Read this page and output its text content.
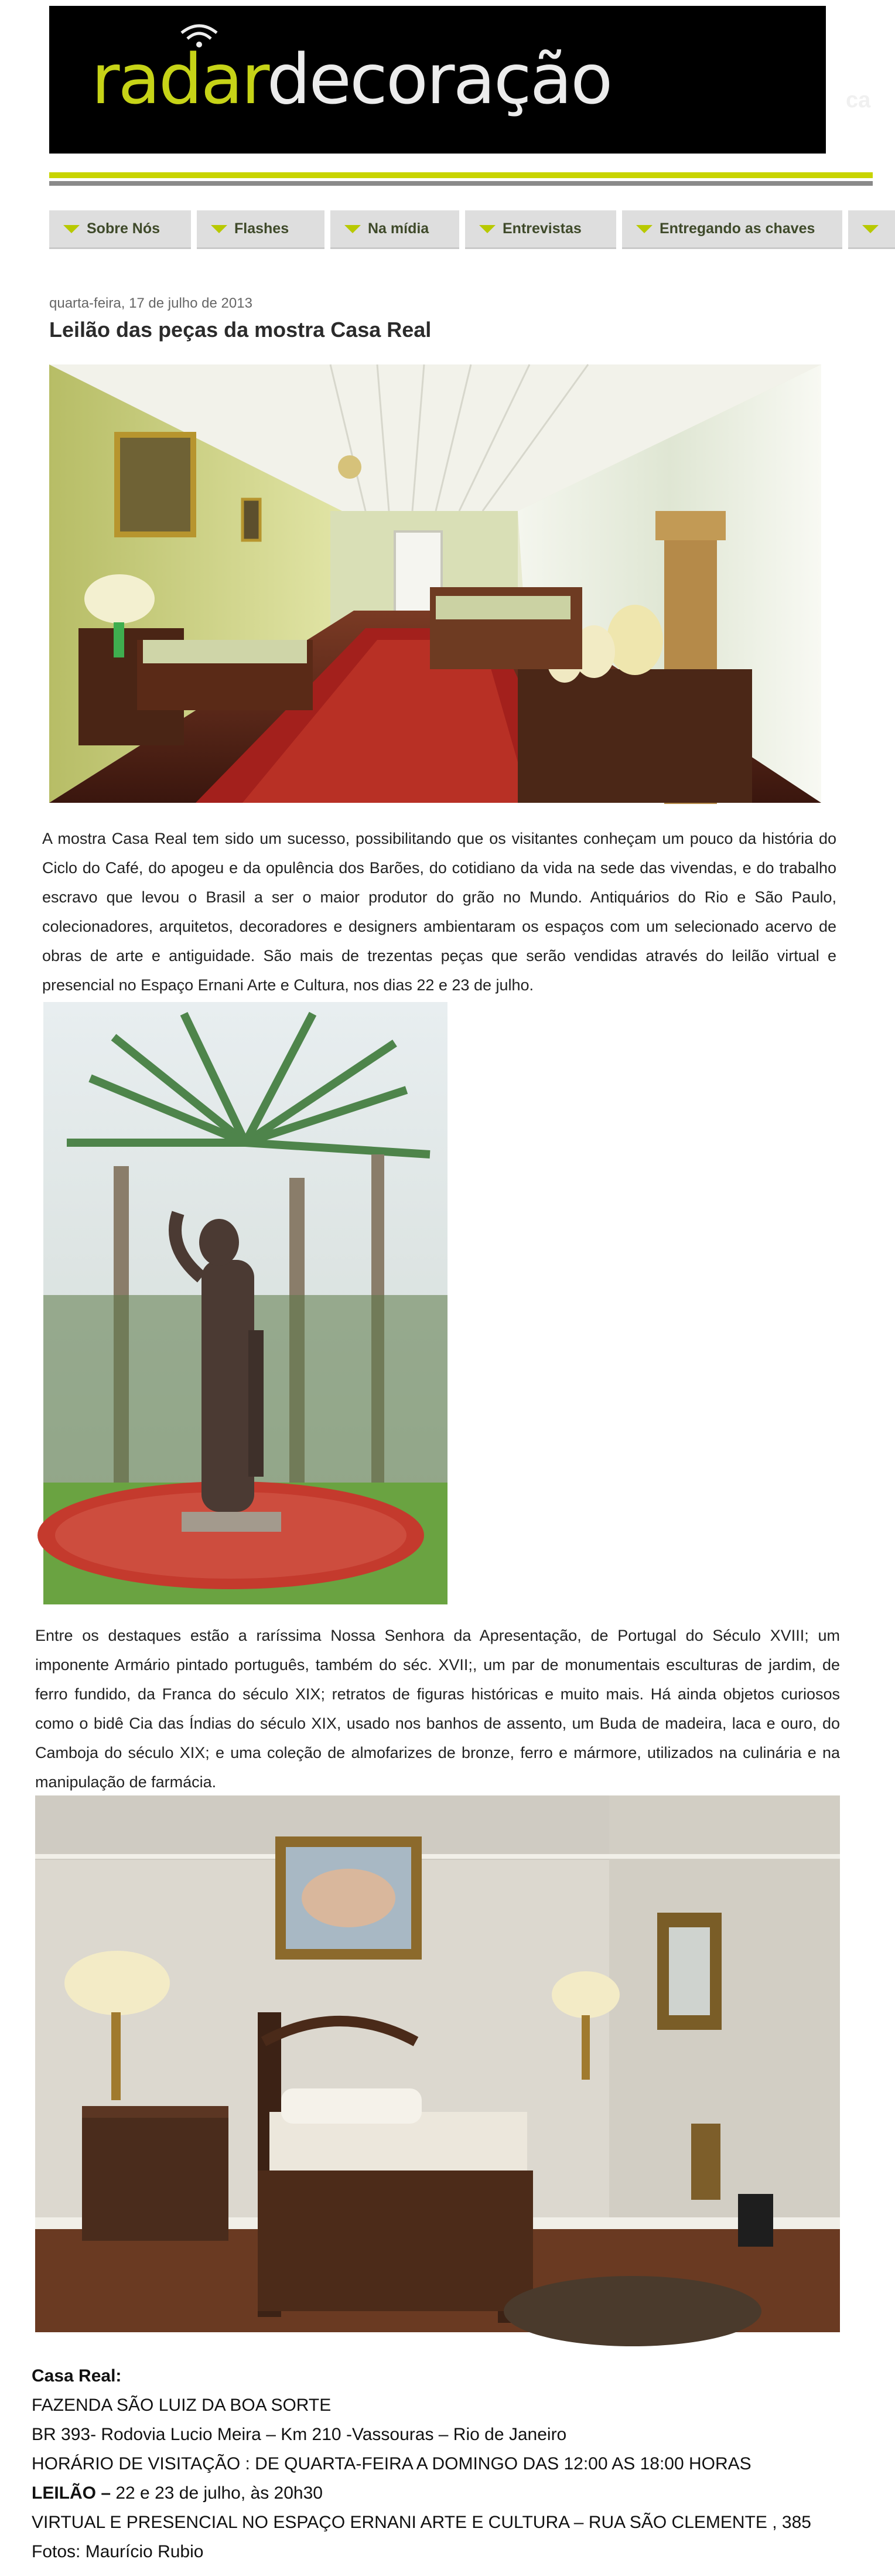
radardecoração	ca
Sobre Nós	Flashes	Na mídia	Entrevistas	Entregando as chaves
quarta-feira, 17 de julho de 2013
Leilão das peças da mostra Casa Real
A mostra Casa Real tem sido um sucesso, possibilitando que os visitantes conheçam um pouco da história do Ciclo do Café, do apogeu e da opulência dos Barões, do cotidiano da vida na sede das vivendas, e do trabalho escravo que levou o Brasil a ser o maior produtor do grão no Mundo. Antiquários do Rio e São Paulo, colecionadores, arquitetos, decoradores e designers ambientaram os espaços com um selecionado acervo de obras de arte e antiguidade. São mais de trezentas peças que serão vendidas através do leilão virtual e presencial no Espaço Ernani Arte e Cultura, nos dias 22 e 23 de julho.
Entre os destaques estão a raríssima Nossa Senhora da Apresentação, de Portugal do Século XVIII; um imponente Armário pintado português, também do séc. XVII;, um par de monumentais esculturas de jardim, de ferro fundido, da Franca do século XIX; retratos de figuras históricas e muito mais. Há ainda objetos curiosos como o bidê Cia das Índias do século XIX, usado nos banhos de assento, um Buda de madeira, laca e ouro, do Camboja do século XIX; e uma coleção de almofarizes de bronze, ferro e mármore, utilizados na culinária e na manipulação de farmácia.
Casa Real:
FAZENDA SÃO LUIZ DA BOA SORTE
BR 393- Rodovia Lucio Meira – Km 210 -Vassouras – Rio de Janeiro
HORÁRIO DE VISITAÇÃO : DE QUARTA-FEIRA A DOMINGO DAS 12:00 AS 18:00 HORAS
LEILÃO – 22 e 23 de julho, às 20h30
VIRTUAL E PRESENCIAL NO ESPAÇO ERNANI ARTE E CULTURA – RUA SÃO CLEMENTE , 385
Fotos: Maurício Rubio
